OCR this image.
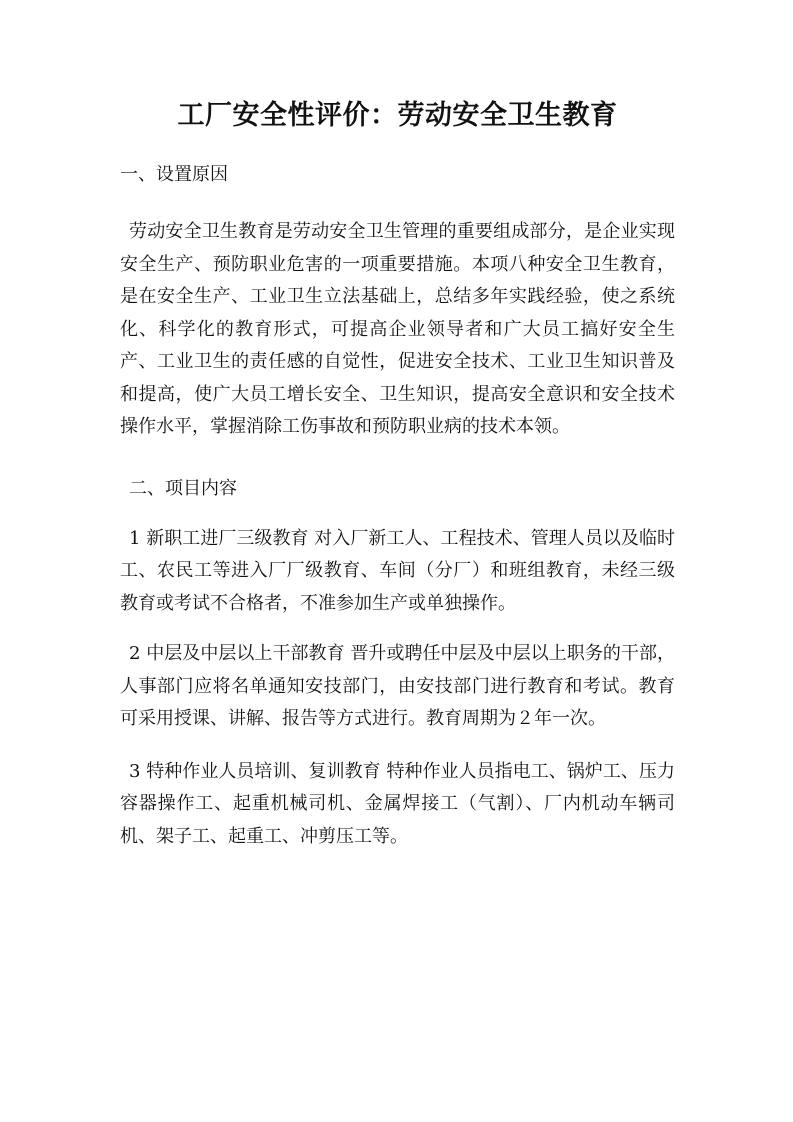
工厂安全性评价：劳动安全卫生教育
一、设置原因

劳动安全卫生教育是劳动安全卫生管理的重要组成部分，是企业实现安全生产、预防职业危害的一项重要措施。本项八种安全卫生教育，是在安全生产、工业卫生立法基础上，总结多年实践经验，使之系统化、科学化的教育形式，可提高企业领导者和广大员工搞好安全生产、工业卫生的责任感的自觉性，促进安全技术、工业卫生知识普及和提高，使广大员工增长安全、卫生知识，提高安全意识和安全技术操作水平，掌握消除工伤事故和预防职业病的技术本领。

二、项目内容

1 新职工进厂三级教育 对入厂新工人、工程技术、管理人员以及临时工、农民工等进入厂厂级教育、车间（分厂）和班组教育，未经三级教育或考试不合格者，不准参加生产或单独操作。

2 中层及中层以上干部教育 晋升或聘任中层及中层以上职务的干部，人事部门应将名单通知安技部门，由安技部门进行教育和考试。教育可采用授课、讲解、报告等方式进行。教育周期为２年一次。

3 特种作业人员培训、复训教育 特种作业人员指电工、锅炉工、压力容器操作工、起重机械司机、金属焊接工（气割）、厂内机动车辆司机、架子工、起重工、冲剪压工等。
